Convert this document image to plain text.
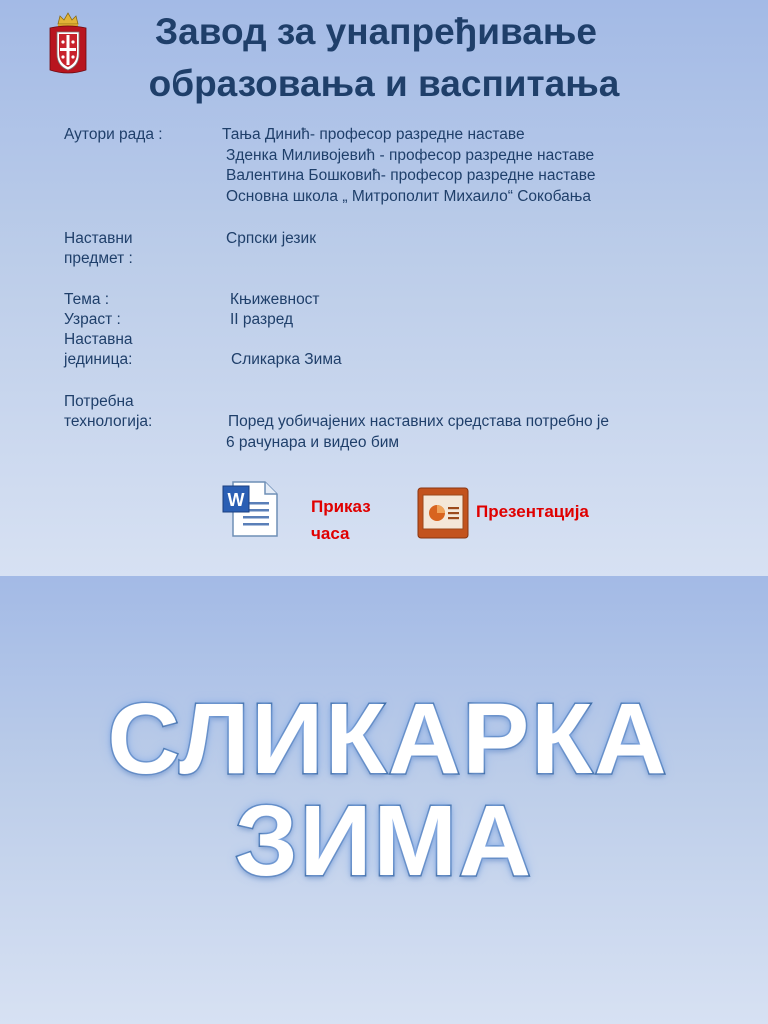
Завод за унапређивање
образовања и васпитања
Аутори рада :	Тања Динић- професор разредне наставе
Зденка Миливојевић - професор разредне наставе
Валентина Бошковић- професор разредне наставе
Основна школа „ Митрополит Михаило“ Сокобања
Наставни
предмет :
Српски језик
Тема :	Књижевност
Узраст :	II разред
Наставна
јединица:	Сликарка Зима
Потребна
технологија:	Поред уобичајених наставних средстава потребно је
6 рачунара и видео бим
W	Приказ
часа
Презентација
СЛИКАРКА
ЗИМА
